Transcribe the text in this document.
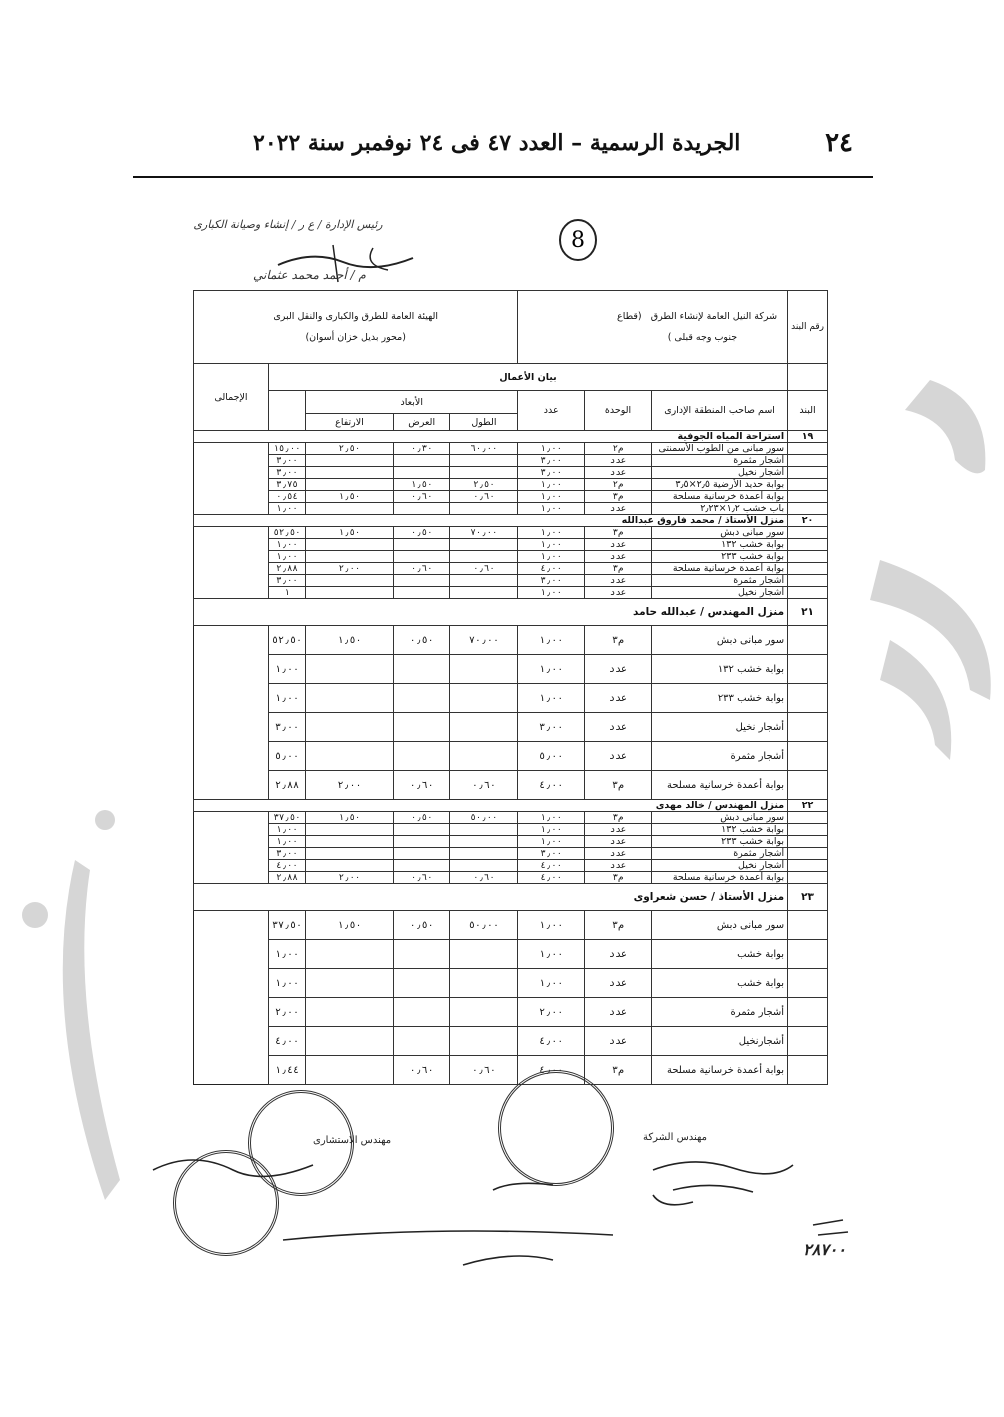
٢٤
الجريدة الرسمية – العدد ٤٧ فى ٢٤ نوفمبر سنة ٢٠٢٢
رئيس الإدارة / ع ر / إنشاء وصيانة الكبارى
م / أحمد محمد عثماني
8
رقم البند	شركة النيل العامة لإنشاء الطرق   (قطاع
جنوب وجه قبلى )			الهيئة العامة للطرق والكبارى والنقل البرى
(محور بديل خزان أسوان)				
	بيان الأعمال							الإجمالى
البند	اسم صاحب المنطقة الإدارى	الوحدة	عدد	الأبعاد			
				الطول	العرض	الارتفاع		
١٩	استراحة المياه الجوفية							
	سور مبانى من الطوب الأسمنتى	م٢	١٫٠٠	٦٠٫٠٠	٠٫٣٠	٢٫٥٠	١٥٫٠٠	
	أشجار مثمرة	عدد	٣٫٠٠				٣٫٠٠	
	أشجار نخيل	عدد	٣٫٠٠				٣٫٠٠	
	بوابة حديد الأرضية ٢٫٥×٣٫٥	م٢	١٫٠٠	٢٫٥٠	١٫٥٠		٣٫٧٥	
	بوابة أعمدة خرسانية مسلحة	م٣	١٫٠٠	٠٫٦٠	٠٫٦٠	١٫٥٠	٠٫٥٤	
	باب خشب ١٫٢×٢٫٢٣	عدد	١٫٠٠				١٫٠٠	
٢٠	منزل الأستاذ / محمد فاروق عبدالله							
	سور مبانى دبش	م٣	١٫٠٠	٧٠٫٠٠	٠٫٥٠	١٫٥٠	٥٢٫٥٠	
	بوابة خشب ١٣٢	عدد	١٫٠٠				١٫٠٠	
	بوابة خشب ٢٣٣	عدد	١٫٠٠				١٫٠٠	
	بوابة أعمدة خرسانية مسلحة	م٣	٤٫٠٠	٠٫٦٠	٠٫٦٠	٢٫٠٠	٢٫٨٨	
	أشجار مثمرة	عدد	٣٫٠٠				٣٫٠٠	
	أشجار نخيل	عدد	١٫٠٠				١	
٢١	منزل المهندس / عبدالله حامد							
	سور مبانى دبش	م٣	١٫٠٠	٧٠٫٠٠	٠٫٥٠	١٫٥٠	٥٢٫٥٠	
	بوابة خشب ١٣٢	عدد	١٫٠٠				١٫٠٠	
	بوابة خشب ٢٣٣	عدد	١٫٠٠				١٫٠٠	
	أشجار نخيل	عدد	٣٫٠٠				٣٫٠٠	
	أشجار مثمرة	عدد	٥٫٠٠				٥٫٠٠	
	بوابة أعمدة خرسانية مسلحة	م٣	٤٫٠٠	٠٫٦٠	٠٫٦٠	٢٫٠٠	٢٫٨٨	
٢٢	منزل المهندس / خالد مهدى							
	سور مبانى دبش	م٣	١٫٠٠	٥٠٫٠٠	٠٫٥٠	١٫٥٠	٣٧٫٥٠	
	بوابة خشب ١٣٢	عدد	١٫٠٠				١٫٠٠	
	بوابة خشب ٢٣٣	عدد	١٫٠٠				١٫٠٠	
	أشجار مثمرة	عدد	٣٫٠٠				٣٫٠٠	
	أشجار نخيل	عدد	٤٫٠٠				٤٫٠٠	
	بوابة أعمدة خرسانية مسلحة	م٣	٤٫٠٠	٠٫٦٠	٠٫٦٠	٢٫٠٠	٢٫٨٨	
٢٣	منزل الأستاذ / حسن شعراوى							
	سور مبانى دبش	م٣	١٫٠٠	٥٠٫٠٠	٠٫٥٠	١٫٥٠	٣٧٫٥٠	
	بوابة خشب	عدد	١٫٠٠				١٫٠٠	
	بوابة خشب	عدد	١٫٠٠				١٫٠٠	
	أشجار مثمرة	عدد	٢٫٠٠				٢٫٠٠	
	أشجارنخيل	عدد	٤٫٠٠				٤٫٠٠	
	بوابة أعمدة خرسانية مسلحة	م٣	٤٫٠٠	٠٫٦٠	٠٫٦٠		١٫٤٤	
مهندس الشركة
مهندس الاستشارى
٢٨٧٠٠
